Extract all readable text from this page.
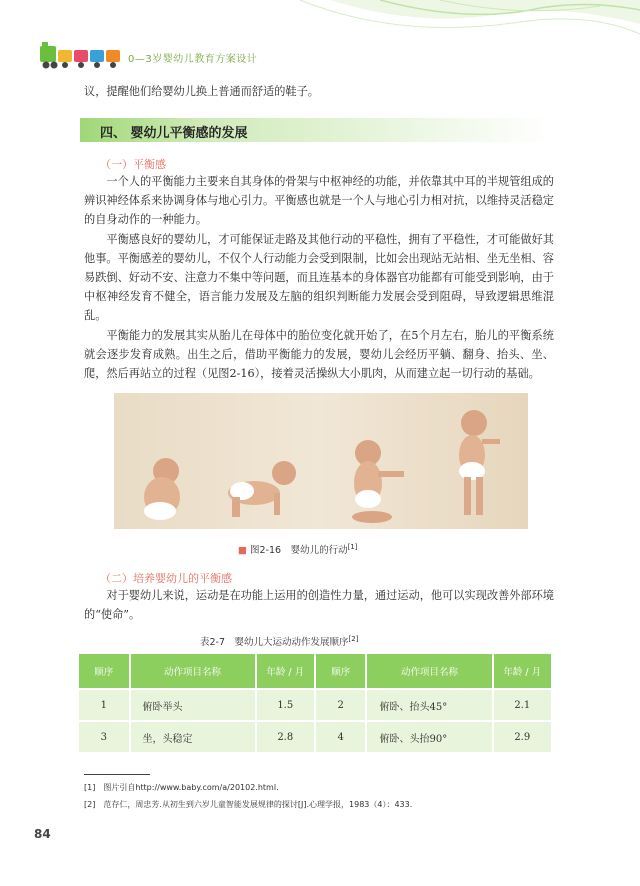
0—3岁婴幼儿教育方案设计
议，提醒他们给婴幼儿换上普通而舒适的鞋子。
四、 婴幼儿平衡感的发展
（一）平衡感

一个人的平衡能力主要来自其身体的骨架与中枢神经的功能，并依靠其中耳的半规管组成的辨识神经体系来协调身体与地心引力。平衡感也就是一个人与地心引力相对抗，以维持灵活稳定的自身动作的一种能力。

平衡感良好的婴幼儿，才可能保证走路及其他行动的平稳性，拥有了平稳性，才可能做好其他事。平衡感差的婴幼儿，不仅个人行动能力会受到限制，比如会出现站无站相、坐无坐相、容易跌倒、好动不安、注意力不集中等问题，而且连基本的身体器官功能都有可能受到影响，由于中枢神经发育不健全，语言能力发展及左脑的组织判断能力发展会受到阻碍，导致逻辑思维混乱。

平衡能力的发展其实从胎儿在母体中的胎位变化就开始了，在5个月左右，胎儿的平衡系统就会逐步发育成熟。出生之后，借助平衡能力的发展，婴幼儿会经历平躺、翻身、抬头、坐、爬，然后再站立的过程（见图2-16），接着灵活操纵大小肌肉，从而建立起一切行动的基础。

■ 图2-16　婴幼儿的行动[1]
（二）培养婴幼儿的平衡感

对于婴幼儿来说，运动是在功能上运用的创造性力量，通过运动，他可以实现改善外部环境的“使命”。

表2-7　婴幼儿大运动动作发展顺序[2]
顺序	动作项目名称	年龄 / 月	顺序	动作项目名称	年龄 / 月
1	俯卧举头	1.5	2	俯卧、抬头45°	2.1
3	坐，头稳定	2.8	4	俯卧、头抬90°	2.9
[1]　图片引自http://www.baby.com/a/20102.html.
[2]　范存仁，周忠芳.从初生到六岁儿童智能发展规律的探讨[J].心理学报，1983（4）：433.
84
